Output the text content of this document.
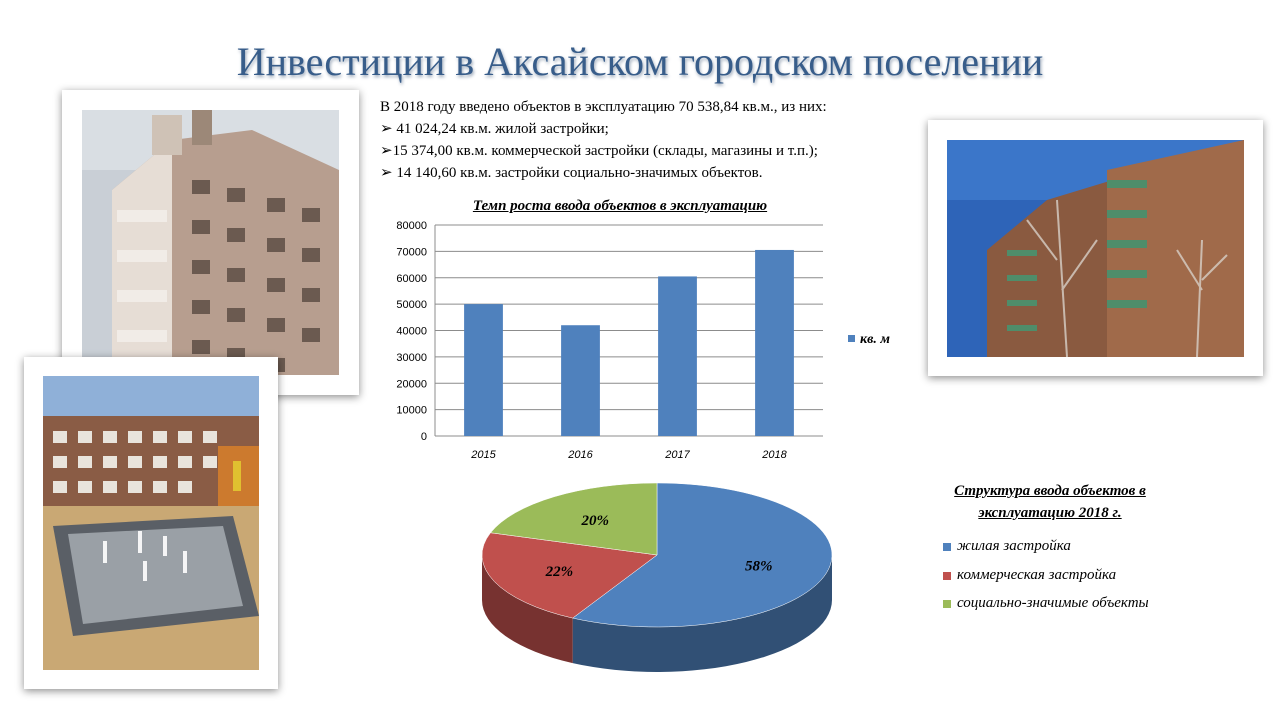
Инвестиции в Аксайском городском поселении
В 2018 году введено объектов в эксплуатацию 70 538,84 кв.м., из них:
➢ 41 024,24 кв.м. жилой застройки;
➢15 374,00 кв.м. коммерческой застройки (склады, магазины и т.п.);
➢ 14 140,60 кв.м. застройки социально-значимых объектов.
Темп роста ввода объектов в эксплуатацию
0
10000
20000
30000
40000
50000
60000
70000
80000
2015	2016	2017	2018
кв. м
Структура ввода объектов в эксплуатацию 2018 г.
58%
22%
20%
жилая застройка
коммерческая застройка
социально-значимые объекты
